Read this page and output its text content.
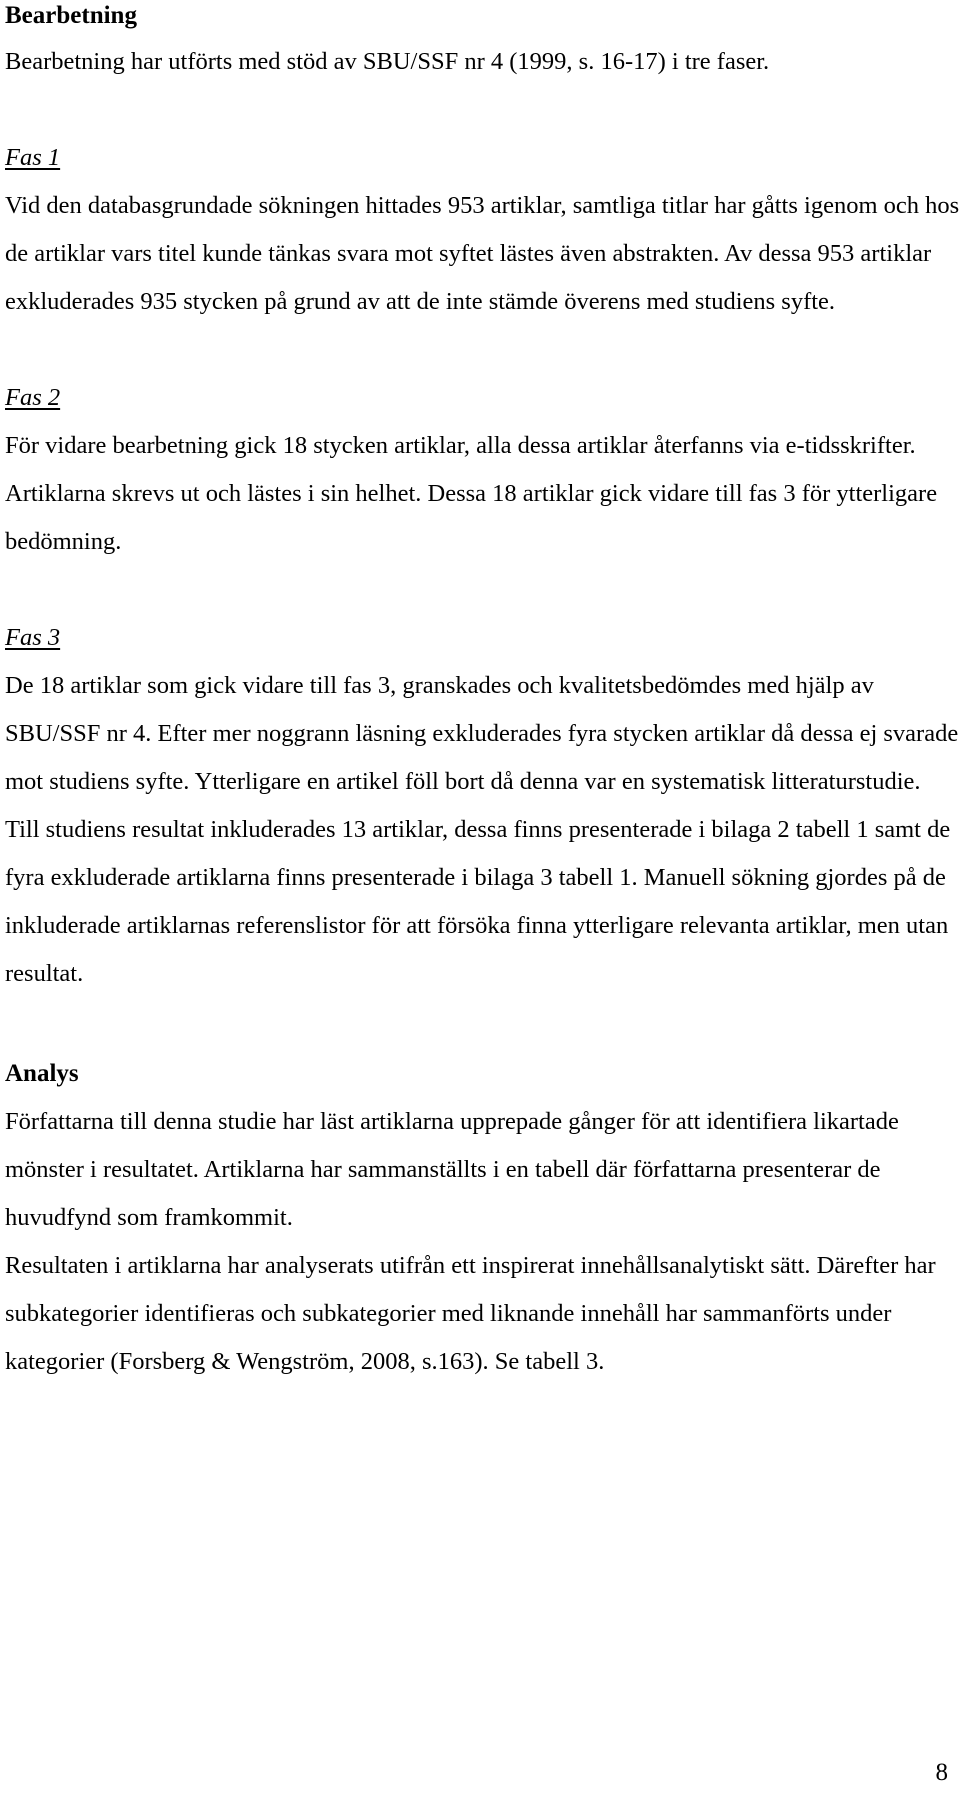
Bearbetning

Bearbetning har utförts med stöd av SBU/SSF nr 4 (1999, s. 16-17) i tre faser.

Fas 1

Vid den databasgrundade sökningen hittades 953 artiklar, samtliga titlar har gåtts igenom och hos de artiklar vars titel kunde tänkas svara mot syftet lästes även abstrakten. Av dessa 953 artiklar exkluderades 935 stycken på grund av att de inte stämde överens med studiens syfte.

Fas 2

För vidare bearbetning gick 18 stycken artiklar, alla dessa artiklar återfanns via e-tidsskrifter. Artiklarna skrevs ut och lästes i sin helhet. Dessa 18 artiklar gick vidare till fas 3 för ytterligare bedömning.

Fas 3

De 18 artiklar som gick vidare till fas 3, granskades och kvalitetsbedömdes med hjälp av SBU/SSF nr 4. Efter mer noggrann läsning exkluderades fyra stycken artiklar då dessa ej svarade mot studiens syfte. Ytterligare en artikel föll bort då denna var en systematisk litteraturstudie. Till studiens resultat inkluderades 13 artiklar, dessa finns presenterade i bilaga 2 tabell 1 samt de fyra exkluderade artiklarna finns presenterade i bilaga 3 tabell 1. Manuell sökning gjordes på de inkluderade artiklarnas referenslistor för att försöka finna ytterligare relevanta artiklar, men utan resultat.

Analys

Författarna till denna studie har läst artiklarna upprepade gånger för att identifiera likartade mönster i resultatet. Artiklarna har sammanställts i en tabell där författarna presenterar de huvudfynd som framkommit.

Resultaten i artiklarna har analyserats utifrån ett inspirerat innehållsanalytiskt sätt. Därefter har subkategorier identifieras och subkategorier med liknande innehåll har sammanförts under kategorier (Forsberg & Wengström, 2008, s.163). Se tabell 3.

8
